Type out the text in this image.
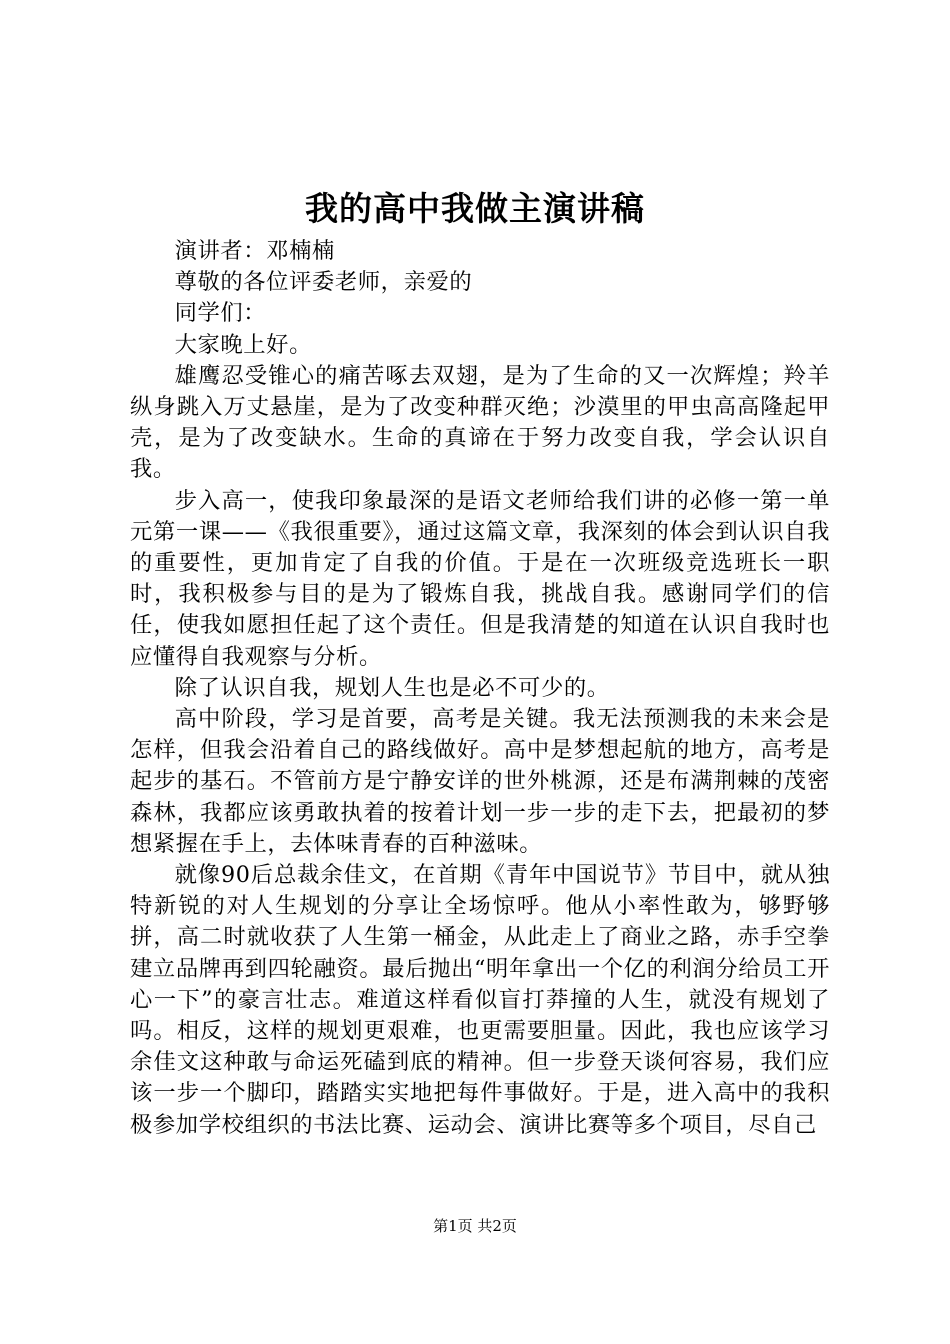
我的高中我做主演讲稿

演讲者：邓楠楠

尊敬的各位评委老师，亲爱的

同学们：

大家晚上好。

雄鹰忍受锥心的痛苦啄去双翅，是为了生命的又一次辉煌；羚羊纵身跳入万丈悬崖，是为了改变种群灭绝；沙漠里的甲虫高高隆起甲壳，是为了改变缺水。生命的真谛在于努力改变自我，学会认识自我。

步入高一，使我印象最深的是语文老师给我们讲的必修一第一单元第一课——《我很重要》，通过这篇文章，我深刻的体会到认识自我的重要性，更加肯定了自我的价值。于是在一次班级竞选班长一职时，我积极参与目的是为了锻炼自我，挑战自我。感谢同学们的信任，使我如愿担任起了这个责任。但是我清楚的知道在认识自我时也应懂得自我观察与分析。

除了认识自我，规划人生也是必不可少的。

高中阶段，学习是首要，高考是关键。我无法预测我的未来会是怎样，但我会沿着自己的路线做好。高中是梦想起航的地方，高考是起步的基石。不管前方是宁静安详的世外桃源，还是布满荆棘的茂密森林，我都应该勇敢执着的按着计划一步一步的走下去，把最初的梦想紧握在手上，去体味青春的百种滋味。

就像90后总裁余佳文，在首期《青年中国说节》节目中，就从独特新锐的对人生规划的分享让全场惊呼。他从小率性敢为，够野够拼，高二时就收获了人生第一桶金，从此走上了商业之路，赤手空拳建立品牌再到四轮融资。最后抛出“明年拿出一个亿的利润分给员工开心一下”的豪言壮志。难道这样看似盲打莽撞的人生，就没有规划了吗。相反，这样的规划更艰难，也更需要胆量。因此，我也应该学习余佳文这种敢与命运死磕到底的精神。但一步登天谈何容易，我们应该一步一个脚印，踏踏实实地把每件事做好。于是，进入高中的我积极参加学校组织的书法比赛、运动会、演讲比赛等多个项目，尽自己

第1页 共2页
